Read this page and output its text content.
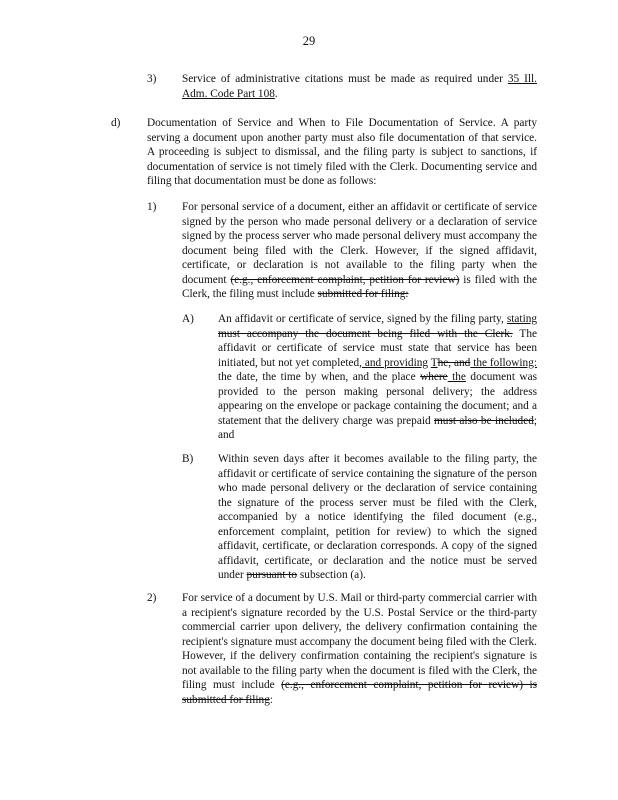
29
3) Service of administrative citations must be made as required under 35 Ill. Adm. Code Part 108.
d) Documentation of Service and When to File Documentation of Service. A party serving a document upon another party must also file documentation of that service. A proceeding is subject to dismissal, and the filing party is subject to sanctions, if documentation of service is not timely filed with the Clerk. Documenting service and filing that documentation must be done as follows:
1) For personal service of a document, either an affidavit or certificate of service signed by the person who made personal delivery or a declaration of service signed by the process server who made personal delivery must accompany the document being filed with the Clerk. However, if the signed affidavit, certificate, or declaration is not available to the filing party when the document (e.g., enforcement complaint, petition for review) is filed with the Clerk, the filing must include submitted for filing:
A) An affidavit or certificate of service, signed by the filing party, stating must accompany the document being filed with the Clerk. The affidavit or certificate of service must state that service has been initiated, but not yet completed, and providing The, and the following: the date, the time by when, and the place where the document was provided to the person making personal delivery; the address appearing on the envelope or package containing the document; and a statement that the delivery charge was prepaid must also be included; and
B) Within seven days after it becomes available to the filing party, the affidavit or certificate of service containing the signature of the person who made personal delivery or the declaration of service containing the signature of the process server must be filed with the Clerk, accompanied by a notice identifying the filed document (e.g., enforcement complaint, petition for review) to which the signed affidavit, certificate, or declaration corresponds. A copy of the signed affidavit, certificate, or declaration and the notice must be served under pursuant to subsection (a).
2) For service of a document by U.S. Mail or third-party commercial carrier with a recipient's signature recorded by the U.S. Postal Service or the third-party commercial carrier upon delivery, the delivery confirmation containing the recipient's signature must accompany the document being filed with the Clerk. However, if the delivery confirmation containing the recipient's signature is not available to the filing party when the document is filed with the Clerk, the filing must include (e.g., enforcement complaint, petition for review) is submitted for filing:
